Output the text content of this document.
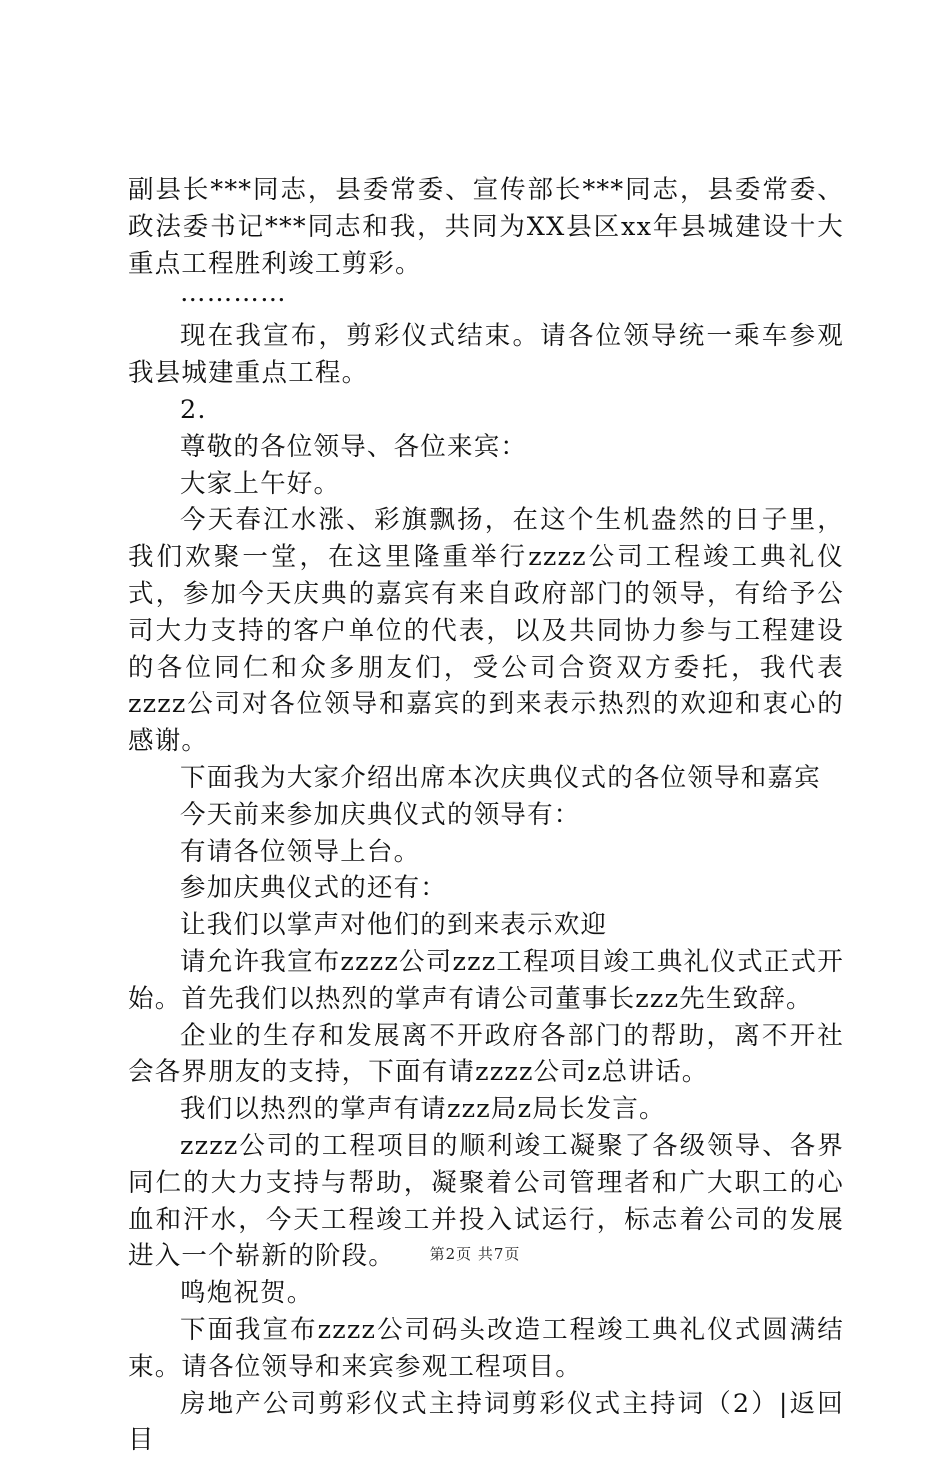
副县长***同志，县委常委、宣传部长***同志，县委常委、政法委书记***同志和我，共同为XX县区xx年县城建设十大重点工程胜利竣工剪彩。

…………

现在我宣布，剪彩仪式结束。请各位领导统一乘车参观我县城建重点工程。

2.

尊敬的各位领导、各位来宾：

大家上午好。

今天春江水涨、彩旗飘扬，在这个生机盎然的日子里，我们欢聚一堂，在这里隆重举行zzzz公司工程竣工典礼仪式，参加今天庆典的嘉宾有来自政府部门的领导，有给予公司大力支持的客户单位的代表，以及共同协力参与工程建设的各位同仁和众多朋友们，受公司合资双方委托，我代表zzzz公司对各位领导和嘉宾的到来表示热烈的欢迎和衷心的感谢。

下面我为大家介绍出席本次庆典仪式的各位领导和嘉宾

今天前来参加庆典仪式的领导有：

有请各位领导上台。

参加庆典仪式的还有：

让我们以掌声对他们的到来表示欢迎

请允许我宣布zzzz公司zzz工程项目竣工典礼仪式正式开始。首先我们以热烈的掌声有请公司董事长zzz先生致辞。

企业的生存和发展离不开政府各部门的帮助，离不开社会各界朋友的支持，下面有请zzzz公司z总讲话。

我们以热烈的掌声有请zzz局z局长发言。

zzzz公司的工程项目的顺利竣工凝聚了各级领导、各界同仁的大力支持与帮助，凝聚着公司管理者和广大职工的心血和汗水，今天工程竣工并投入试运行，标志着公司的发展进入一个崭新的阶段。

鸣炮祝贺。

下面我宣布zzzz公司码头改造工程竣工典礼仪式圆满结束。请各位领导和来宾参观工程项目。

房地产公司剪彩仪式主持词剪彩仪式主持词（2）|返回目

第2页 共7页
